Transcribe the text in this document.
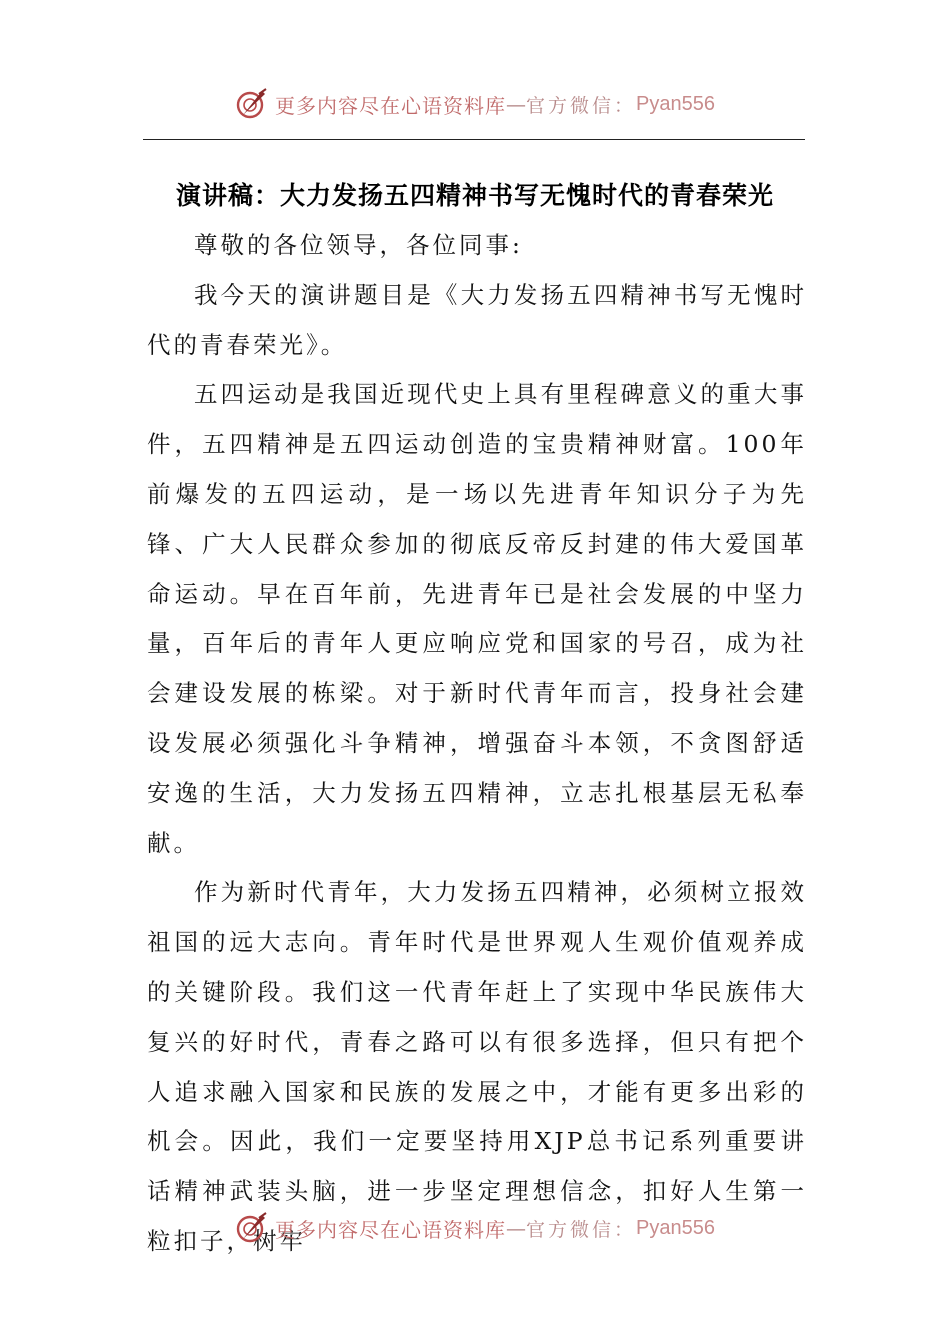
更多内容尽在心语资料库 — 官方微信： Pyan556
演讲稿：大力发扬五四精神书写无愧时代的青春荣光

尊敬的各位领导，各位同事:

我今天的演讲题目是《大力发扬五四精神书写无愧时代的青春荣光》。

五四运动是我国近现代史上具有里程碑意义的重大事件，五四精神是五四运动创造的宝贵精神财富。100年前爆发的五四运动，是一场以先进青年知识分子为先锋、广大人民群众参加的彻底反帝反封建的伟大爱国革命运动。早在百年前，先进青年已是社会发展的中坚力量，百年后的青年人更应响应党和国家的号召，成为社会建设发展的栋梁。对于新时代青年而言，投身社会建设发展必须强化斗争精神，增强奋斗本领，不贪图舒适安逸的生活，大力发扬五四精神，立志扎根基层无私奉献。

作为新时代青年，大力发扬五四精神，必须树立报效祖国的远大志向。青年时代是世界观人生观价值观养成的关键阶段。我们这一代青年赶上了实现中华民族伟大复兴的好时代，青春之路可以有很多选择，但只有把个人追求融入国家和民族的发展之中，才能有更多出彩的机会。因此，我们一定要坚持用XJP总书记系列重要讲话精神武装头脑，进一步坚定理想信念，扣好人生第一粒扣子，树牢

更多内容尽在心语资料库 — 官方微信： Pyan556
